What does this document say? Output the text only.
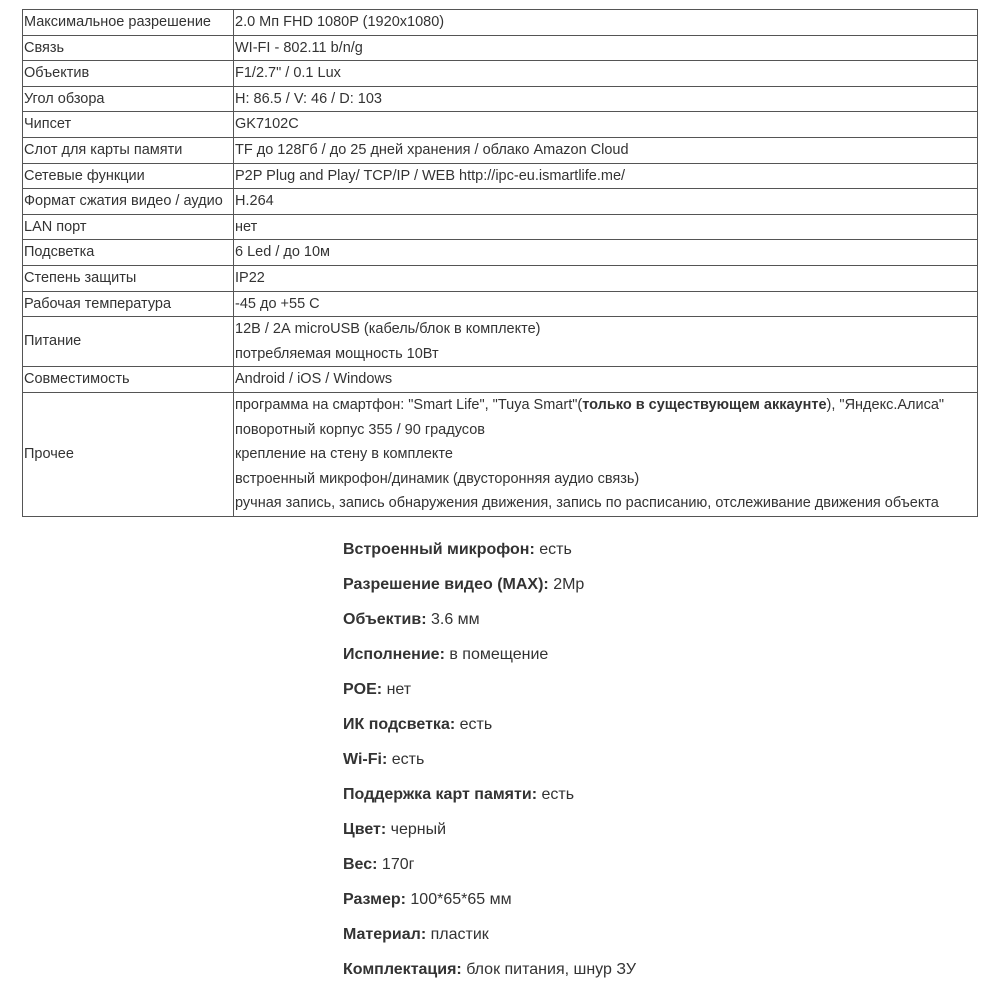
Максимальное разрешение	2.0 Мп FHD 1080P (1920x1080)

Связь	WI-FI - 802.11 b/n/g

Объектив	F1/2.7" / 0.1 Lux

Угол обзора	H: 86.5 / V: 46 / D: 103

Чипсет	GK7102C

Слот для карты памяти	TF до 128Гб / до 25 дней хранения / облако Amazon Cloud

Сетевые функции	P2P Plug and Play/ TCP/IP / WEB http://ipc-eu.ismartlife.me/

Формат сжатия видео / аудио	H.264

LAN порт	нет

Подсветка	6 Led / до 10м

Степень защиты	IP22

Рабочая температура	-45 до +55 С

Питание	12В / 2А microUSB (кабель/блок в комплекте)
потребляемая мощность 10Вт

Совместимость	Android / iOS / Windows

Прочее	программа на смартфон: "Smart Life", "Tuya Smart"(только в существующем аккаунте), "Яндекс.Алиса"
поворотный корпус 355 / 90 градусов
крепление на стену в комплекте
встроенный микрофон/динамик (двусторонняя аудио связь)
ручная запись, запись обнаружения движения, запись по расписанию, отслеживание движения объекта
Встроенный микрофон: есть
Разрешение видео (MAX): 2Mp
Объектив: 3.6 мм
Исполнение: в помещение
POE: нет
ИК подсветка: есть
Wi-Fi: есть
Поддержка карт памяти: есть
Цвет: черный
Вес: 170г
Размер: 100*65*65 мм
Материал: пластик
Комплектация: блок питания, шнур ЗУ
